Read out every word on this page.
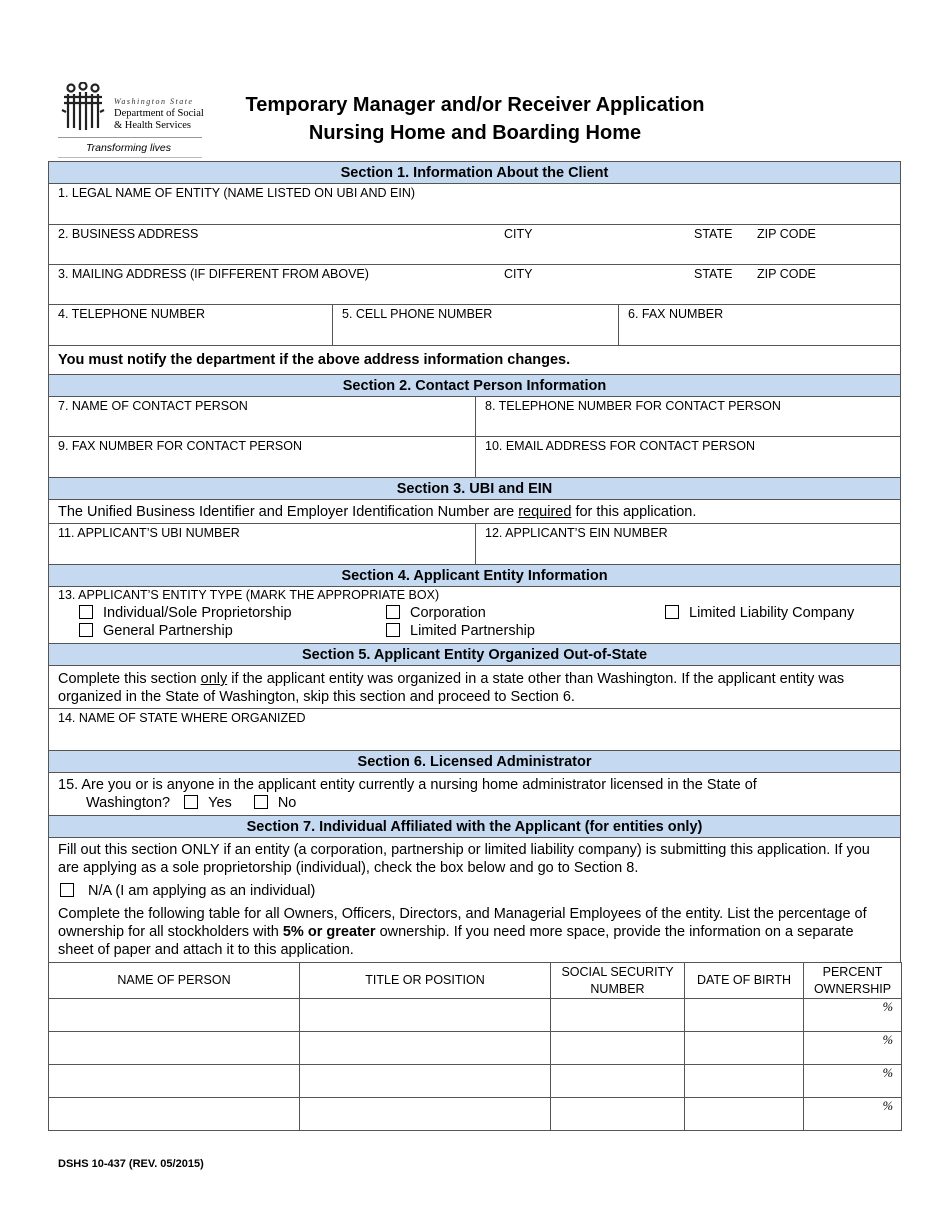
Washington State
Department of Social
& Health Services
Transforming lives
Temporary Manager and/or Receiver Application
Nursing Home and Boarding Home
Section 1. Information About the Client
1. LEGAL NAME OF ENTITY (NAME LISTED ON UBI AND EIN)
2. BUSINESS ADDRESS	CITY	STATE ZIP CODE
3. MAILING ADDRESS (IF DIFFERENT FROM ABOVE)	CITY	STATE ZIP CODE
4. TELEPHONE NUMBER	5. CELL PHONE NUMBER	6. FAX NUMBER
You must notify the department if the above address information changes.
Section 2. Contact Person Information
7. NAME OF CONTACT PERSON	8. TELEPHONE NUMBER FOR CONTACT PERSON
9. FAX NUMBER FOR CONTACT PERSON	10. EMAIL ADDRESS FOR CONTACT PERSON
Section 3. UBI and EIN
The Unified Business Identifier and Employer Identification Number are required for this application.
11. APPLICANT’S UBI NUMBER	12. APPLICANT’S EIN NUMBER
Section 4. Applicant Entity Information
13. APPLICANT’S ENTITY TYPE (MARK THE APPROPRIATE BOX)
Individual/Sole Proprietorship
General Partnership
Corporation
Limited Partnership
Limited Liability Company
Section 5. Applicant Entity Organized Out-of-State
Complete this section only if the applicant entity was organized in a state other than Washington. If the applicant entity was organized in the State of Washington, skip this section and proceed to Section 6.
14. NAME OF STATE WHERE ORGANIZED
Section 6. Licensed Administrator
15. Are you or is anyone in the applicant entity currently a nursing home administrator licensed in the State of
Washington?	Yes	No
Section 7. Individual Affiliated with the Applicant (for entities only)
Fill out this section ONLY if an entity (a corporation, partnership or limited liability company) is submitting this application. If you are applying as a sole proprietorship (individual), check the box below and go to Section 8.
N/A (I am applying as an individual)
Complete the following table for all Owners, Officers, Directors, and Managerial Employees of the entity. List the percentage of ownership for all stockholders with 5% or greater ownership. If you need more space, provide the information on a separate sheet of paper and attach it to this application.
NAME OF PERSON	TITLE OR POSITION	SOCIAL SECURITY NUMBER	DATE OF BIRTH	PERCENT OWNERSHIP
				%
				%
				%
				%
DSHS 10-437 (REV. 05/2015)
